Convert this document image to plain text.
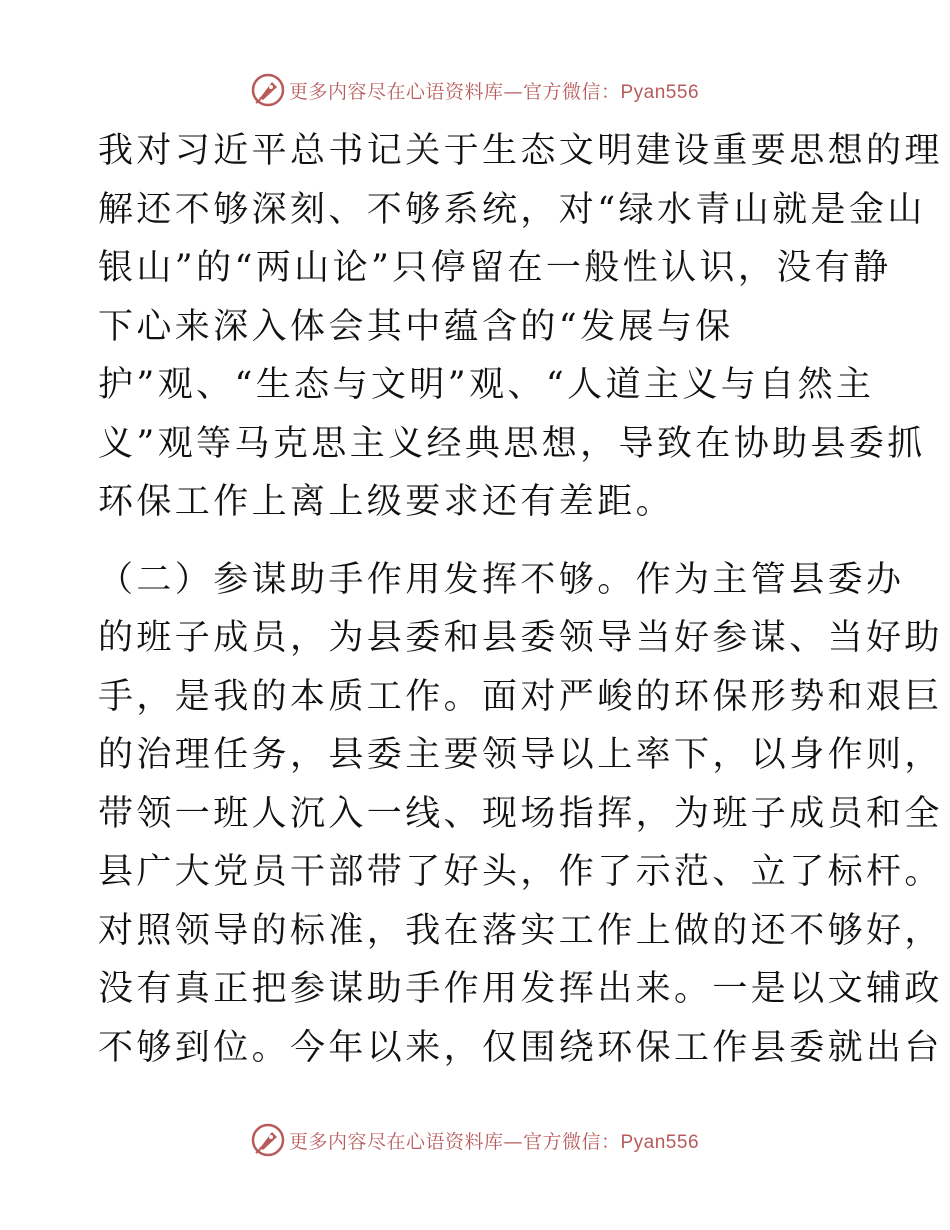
更多内容尽在心语资料库—官方微信：Pyan556
我对习近平总书记关于生态文明建设重要思想的理
解还不够深刻、不够系统，对“绿水青山就是金山
银山”的“两山论”只停留在一般性认识，没有静
下心来深入体会其中蕴含的“发展与保
护”观、“生态与文明”观、“人道主义与自然主
义”观等马克思主义经典思想，导致在协助县委抓
环保工作上离上级要求还有差距。
（二）参谋助手作用发挥不够。作为主管县委办
的班子成员，为县委和县委领导当好参谋、当好助
手，是我的本质工作。面对严峻的环保形势和艰巨
的治理任务，县委主要领导以上率下，以身作则，
带领一班人沉入一线、现场指挥，为班子成员和全
县广大党员干部带了好头，作了示范、立了标杆。
对照领导的标准，我在落实工作上做的还不够好，
没有真正把参谋助手作用发挥出来。一是以文辅政
不够到位。今年以来，仅围绕环保工作县委就出台
更多内容尽在心语资料库—官方微信：Pyan556
